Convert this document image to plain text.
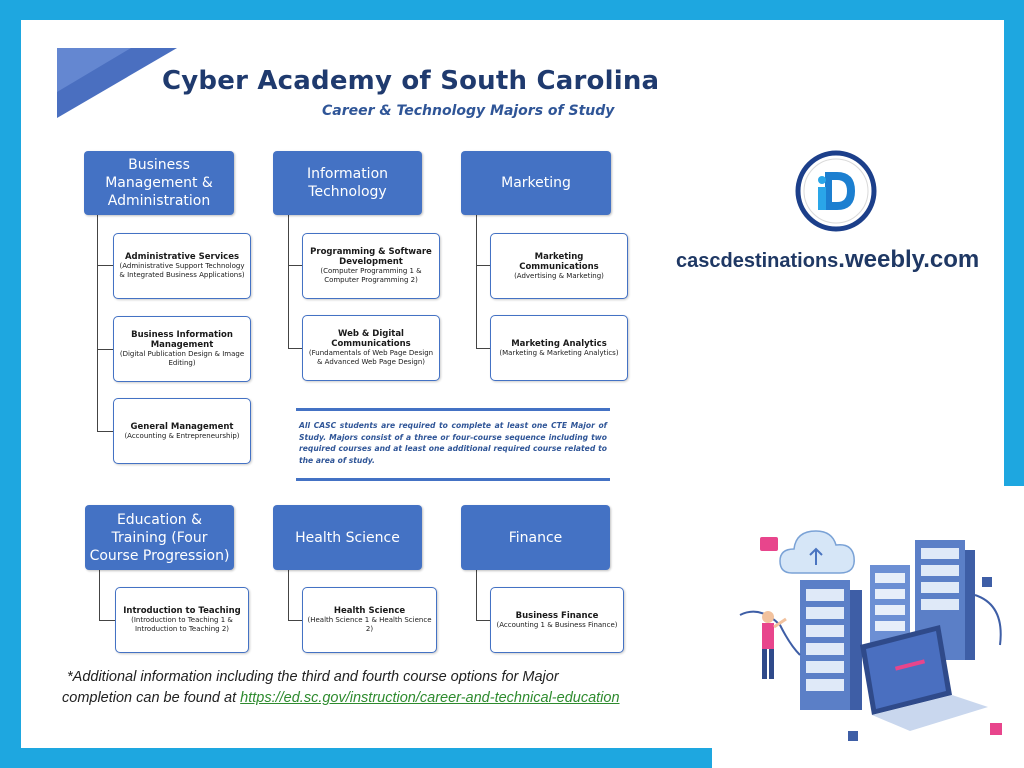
Cyber Academy of South Carolina
Career & Technology Majors of Study
Business Management & Administration
Information Technology
Marketing
Education & Training (Four Course Progression)
Health Science	Finance
Administrative Services
(Administrative Support Technology & Integrated Business Applications)
Business Information Management
(Digital Publication Design & Image Editing)
General Management
(Accounting & Entrepreneurship)
Programming & Software Development
(Computer Programming 1 & Computer Programming 2)
Web & Digital Communications
(Fundamentals of Web Page Design & Advanced Web Page Design)
Marketing Communications
(Advertising & Marketing)
Marketing Analytics
(Marketing & Marketing Analytics)
Introduction to Teaching
(Introduction to Teaching 1 & Introduction to Teaching 2)
Health Science
(Health Science 1 & Health Science 2)
Business Finance
(Accounting 1 & Business Finance)
All CASC students are required to complete at least one CTE Major of Study. Majors consist of a three or four-course sequence including two required courses and at least one additional required course related to the area of study.
*Additional information including the third and fourth course options for Major
completion can be found at https://ed.sc.gov/instruction/career-and-technical-education
cascdestinations.weebly.com
